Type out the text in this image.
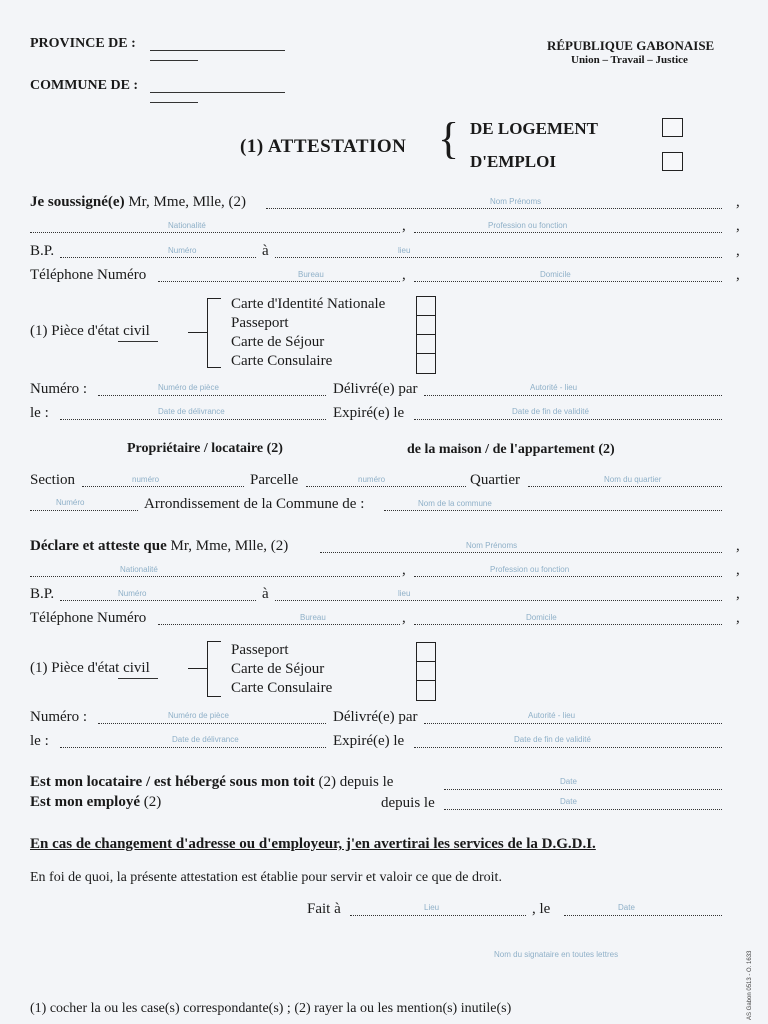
PROVINCE DE :
COMMUNE DE :
RÉPUBLIQUE GABONAISE
Union – Travail – Justice
(1) ATTESTATION { DE LOGEMENT
D'EMPLOI
Je soussigné(e) Mr, Mme, Mlle, (2)	Nom Prénoms	,
Nationalité	,	Profession ou fonction	,
B.P.	Numéro	à	lieu	,
Téléphone Numéro	Bureau	,	Domicile	,
(1) Pièce d'état civil
Carte d'Identité Nationale
Passeport
Carte de Séjour
Carte Consulaire
Numéro :	Numéro de pièce	Délivré(e) par	Autorité - lieu
le :	Date de délivrance	Expiré(e) le	Date de fin de validité
Propriétaire / locataire (2)	de la maison / de l'appartement (2)
Section	numéro	Parcelle	numéro	Quartier	Nom du quartier
Numéro	Arrondissement de la Commune de :	Nom de la commune
Déclare et atteste que Mr, Mme, Mlle, (2)	Nom Prénoms	,
Nationalité	,	Profession ou fonction	,
B.P.	Numéro	à	lieu	,
Téléphone Numéro	Bureau	,	Domicile	,
(1) Pièce d'état civil
Passeport
Carte de Séjour
Carte Consulaire
Numéro :	Numéro de pièce	Délivré(e) par	Autorité - lieu
le :	Date de délivrance	Expiré(e) le	Date de fin de validité
Est mon locataire / est hébergé sous mon toit (2) depuis le	Date
Est mon employé (2)	depuis le	Date
En cas de changement d'adresse ou d'employeur, j'en avertirai les services de la D.G.D.I.
En foi de quoi, la présente attestation est établie pour servir et valoir ce que de droit.
Fait à	Lieu	, le	Date
Nom du signataire en toutes lettres
(1) cocher la ou les case(s) correspondante(s) ; (2) rayer la ou les mention(s) inutile(s)	AS Gabon 0513 - O. 1633
